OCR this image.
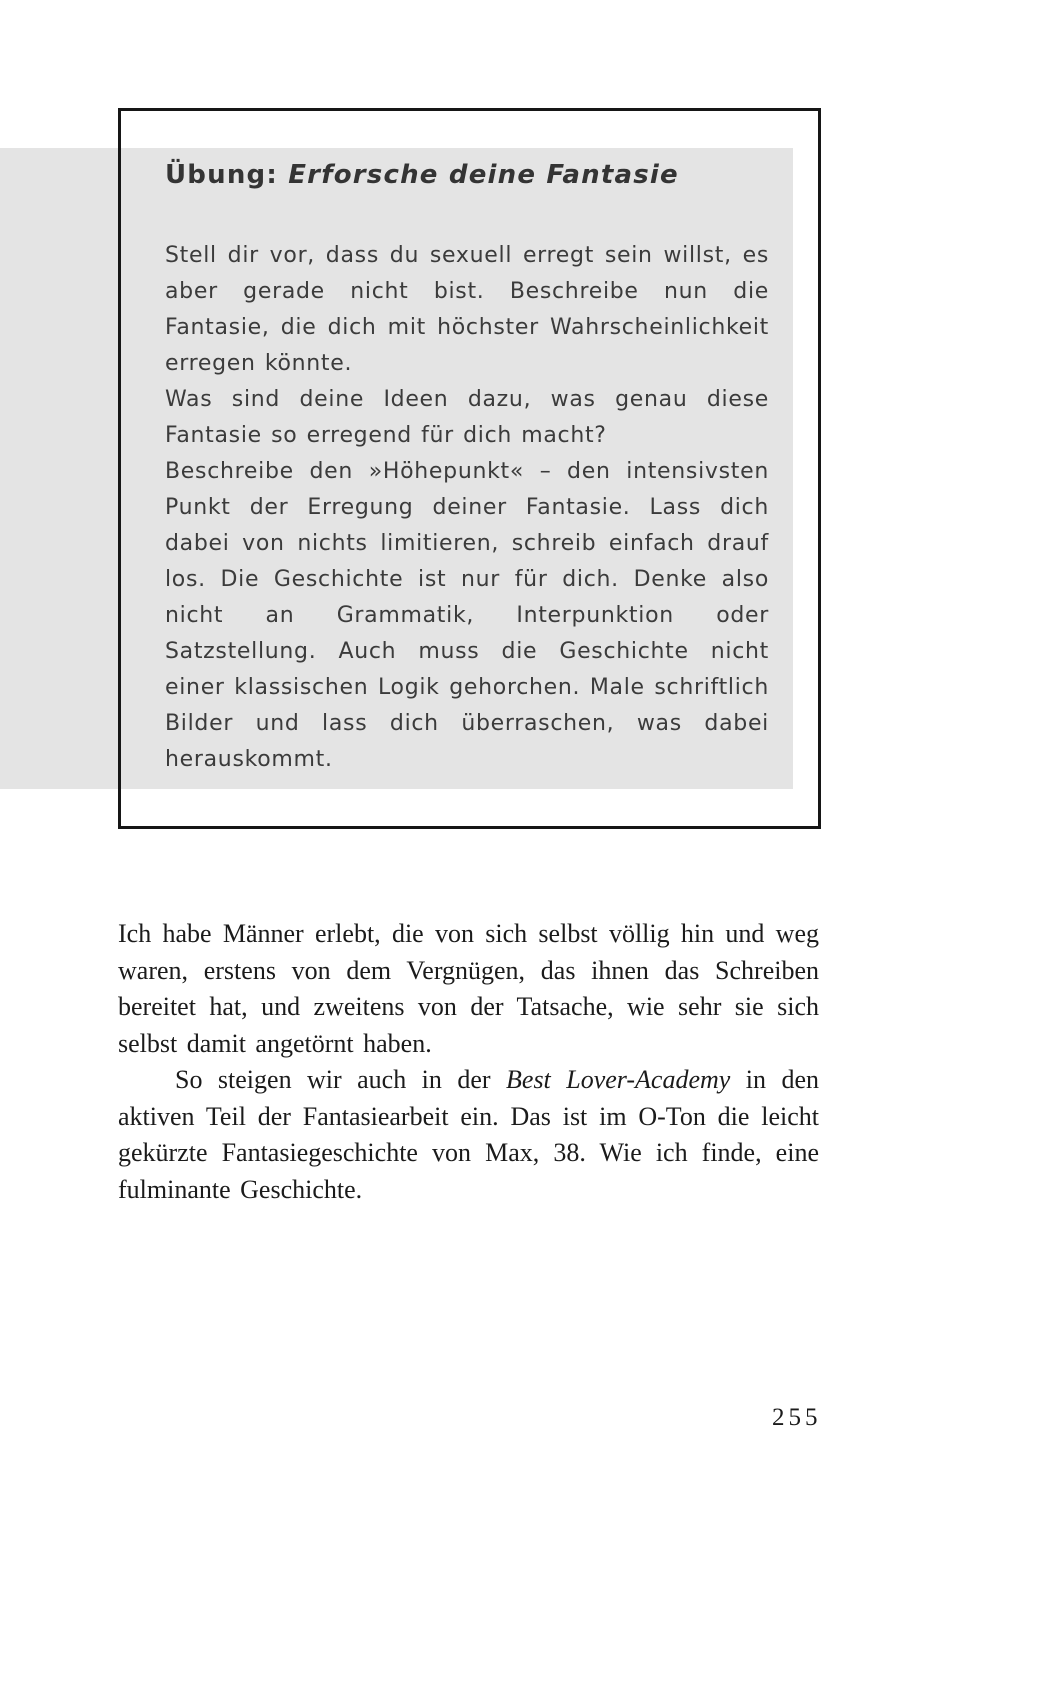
Übung: Erforsche deine Fantasie

Stell dir vor, dass du sexuell erregt sein willst, es aber gerade nicht bist. Beschreibe nun die Fantasie, die dich mit höchster Wahrscheinlichkeit erregen könnte.

Was sind deine Ideen dazu, was genau diese Fantasie so erregend für dich macht?

Beschreibe den »Höhepunkt« – den intensivsten Punkt der Erregung deiner Fantasie. Lass dich dabei von nichts limitieren, schreib einfach drauf los. Die Geschichte ist nur für dich. Denke also nicht an Grammatik, Interpunktion oder Satzstellung. Auch muss die Geschichte nicht einer klassischen Logik gehorchen. Male schriftlich Bilder und lass dich überraschen, was dabei herauskommt.

Ich habe Männer erlebt, die von sich selbst völlig hin und weg waren, erstens von dem Vergnügen, das ihnen das Schreiben bereitet hat, und zweitens von der Tatsache, wie sehr sie sich selbst damit angetörnt haben.

So steigen wir auch in der Best Lover-Academy in den aktiven Teil der Fantasiearbeit ein. Das ist im O-Ton die leicht gekürzte Fantasiegeschichte von Max, 38. Wie ich finde, eine fulminante Geschichte.

255
